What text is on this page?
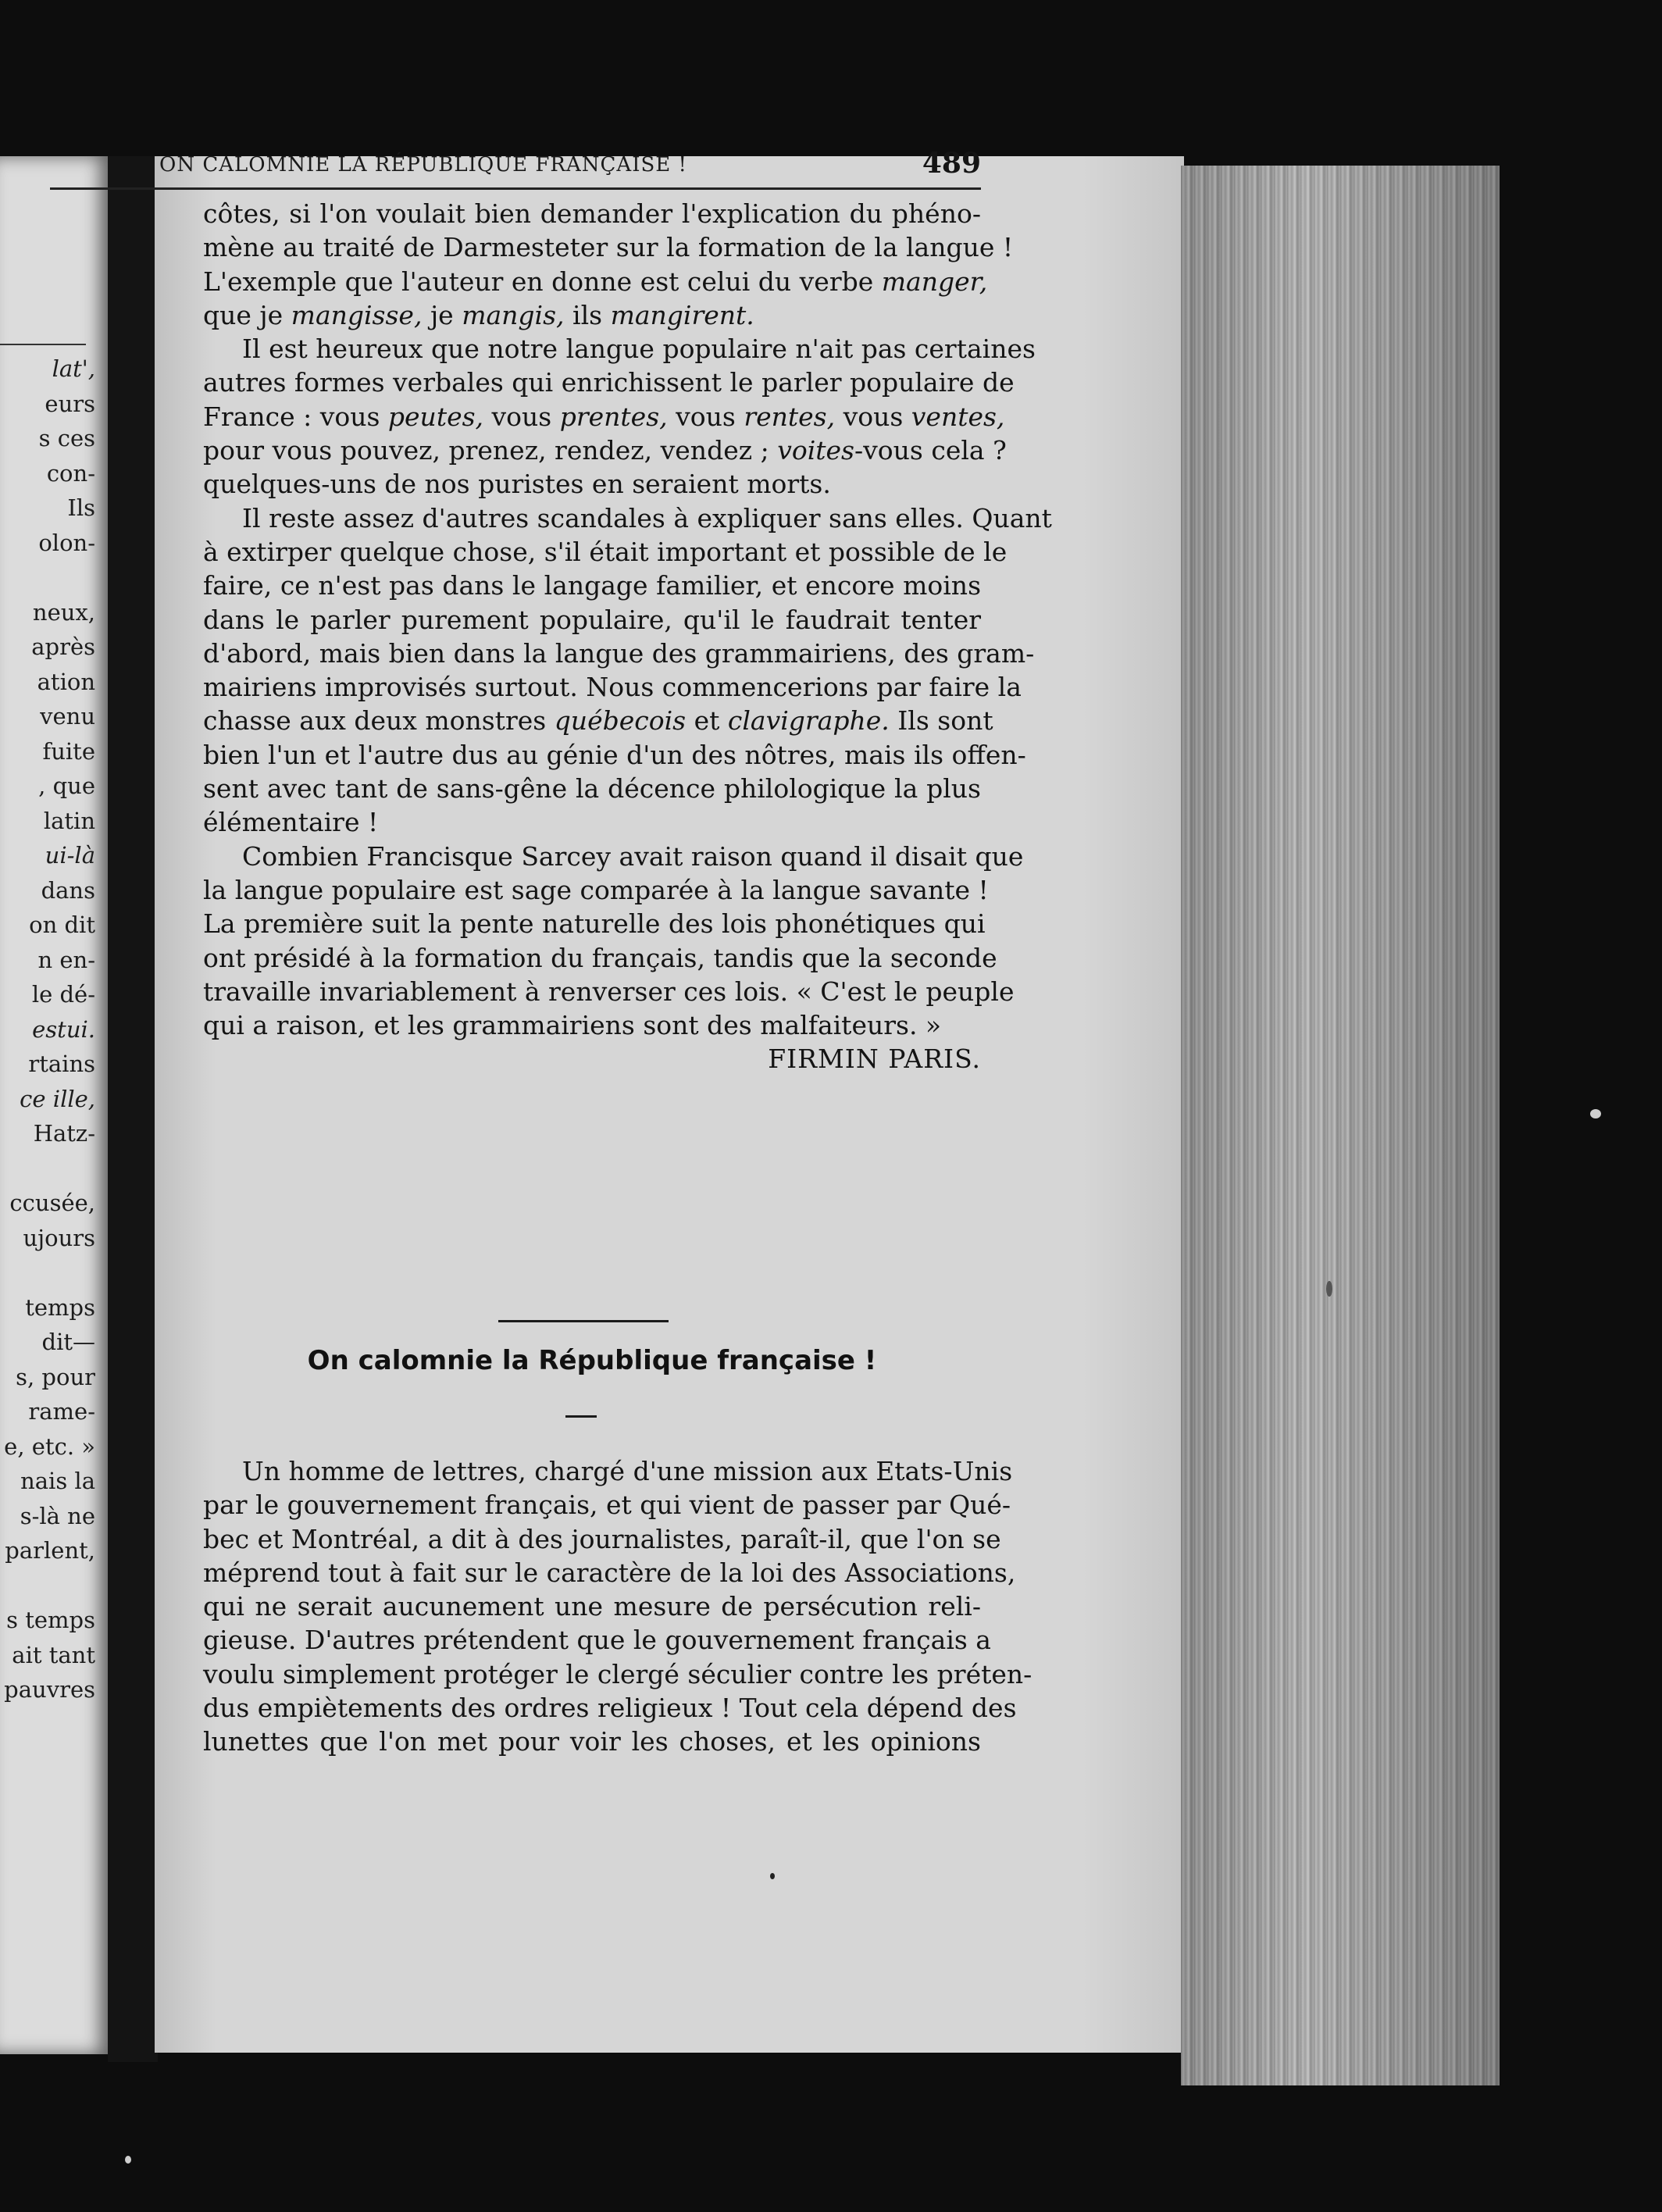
lat',
eurs
s ces
con-
Ils
olon-
neux,
après
ation
venu
fuite
, que
latin
ui-là
dans
on dit
n en-
le dé-
estui.
rtains
ce ille,
Hatz-
ccusée,
ujours
temps
dit—
s, pour
rame-
e, etc. »
nais la
s-là ne
parlent,
s temps
ait tant
pauvres
ON CALOMNIE LA RÉPUBLIQUE FRANÇAISE !	489
côtes, si l'on voulait bien demander l'explication du phéno-
mène au traité de Darmesteter sur la formation de la langue !
L'exemple que l'auteur en donne est celui du verbe manger,
que je mangisse, je mangis, ils mangirent.
Il est heureux que notre langue populaire n'ait pas certaines
autres formes verbales qui enrichissent le parler populaire de
France : vous peutes, vous prentes, vous rentes, vous ventes,
pour vous pouvez, prenez, rendez, vendez ; voites-vous cela ?
quelques-uns de nos puristes en seraient morts.
Il reste assez d'autres scandales à expliquer sans elles. Quant
à extirper quelque chose, s'il était important et possible de le
faire, ce n'est pas dans le langage familier, et encore moins
dans le parler purement populaire, qu'il le faudrait tenter
d'abord, mais bien dans la langue des grammairiens, des gram-
mairiens improvisés surtout. Nous commencerions par faire la
chasse aux deux monstres québecois et clavigraphe. Ils sont
bien l'un et l'autre dus au génie d'un des nôtres, mais ils offen-
sent avec tant de sans-gêne la décence philologique la plus
élémentaire !
Combien Francisque Sarcey avait raison quand il disait que
la langue populaire est sage comparée à la langue savante !
La première suit la pente naturelle des lois phonétiques qui
ont présidé à la formation du français, tandis que la seconde
travaille invariablement à renverser ces lois. « C'est le peuple
qui a raison, et les grammairiens sont des malfaiteurs. »
FIRMIN PARIS.
On calomnie la République française !
Un homme de lettres, chargé d'une mission aux Etats-Unis
par le gouvernement français, et qui vient de passer par Qué-
bec et Montréal, a dit à des journalistes, paraît-il, que l'on se
méprend tout à fait sur le caractère de la loi des Associations,
qui ne serait aucunement une mesure de persécution reli-
gieuse. D'autres prétendent que le gouvernement français a
voulu simplement protéger le clergé séculier contre les préten-
dus empiètements des ordres religieux ! Tout cela dépend des
lunettes que l'on met pour voir les choses, et les opinions
